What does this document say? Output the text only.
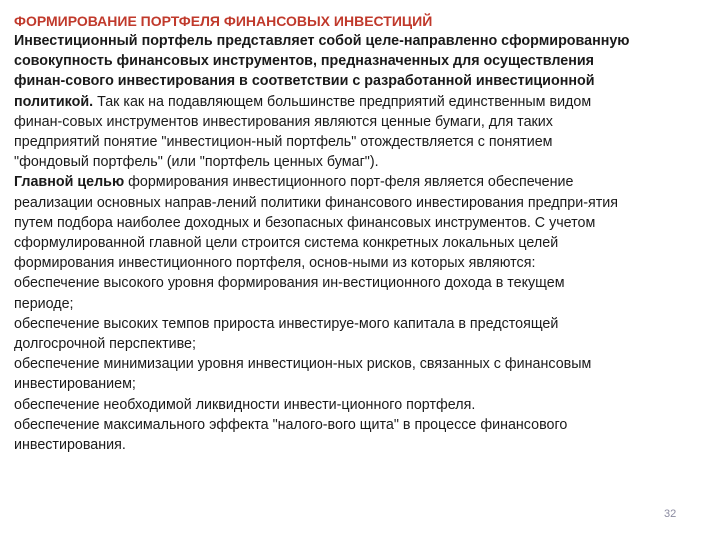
ФОРМИРОВАНИЕ ПОРТФЕЛЯ ФИНАНСОВЫХ ИНВЕСТИЦИЙ
Инвестиционный портфель представляет собой целе-направленно сформированную
совокупность финансовых инструментов, предназначенных для осуществления
финан-сового инвестирования в соответствии с разработанной инвестиционной
политикой. Так как на подавляющем большинстве предприятий единственным видом
финан-совых инструментов инвестирования являются ценные бумаги, для таких
предприятий понятие "инвестицион-ный портфель" отождествляется с понятием
"фондовый портфель" (или "портфель ценных бумаг").
Главной целью формирования инвестиционного порт-феля является обеспечение
реализации основных направ-лений политики финансового инвестирования предпри-ятия
путем подбора наиболее доходных и безопасных финансовых инструментов. С учетом
сформулированной главной цели строится система конкретных локальных целей
формирования инвестиционного портфеля, основ-ными из которых являются:
обеспечение высокого уровня формирования ин-вестиционного дохода в текущем
периоде;
обеспечение высоких темпов прироста инвестируе-мого капитала в предстоящей
долгосрочной перспективе;
обеспечение минимизации уровня инвестицион-ных рисков, связанных с финансовым
инвестированием;
обеспечение необходимой ликвидности инвести-ционного портфеля.
обеспечение максимального эффекта "налого-вого щита" в процессе финансового
инвестирования.
32
